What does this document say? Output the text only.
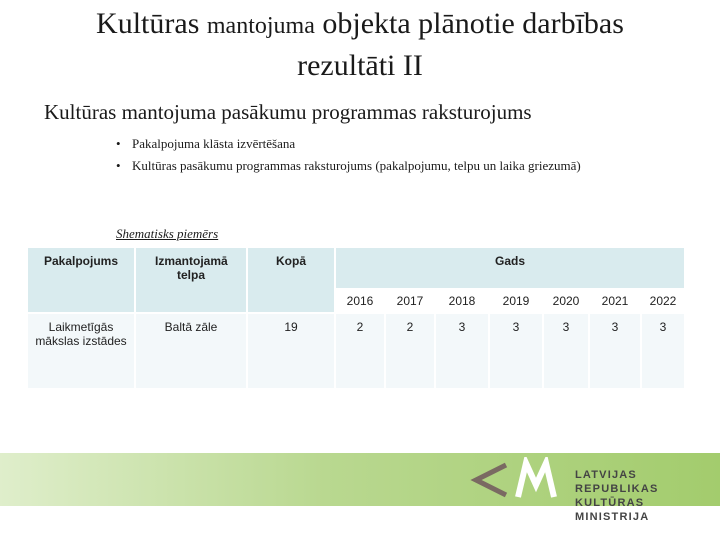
Kultūras mantojuma objekta plānotie darbības
rezultāti II
Kultūras mantojuma pasākumu programmas raksturojums
• Pakalpojuma klāsta izvērtēšana
• Kultūras pasākumu programmas raksturojums (pakalpojumu, telpu un laika griezumā)
Shematisks piemērs
Pakalpojums	Izmantojamā telpa	Kopā	Gads						
			2016	2017	2018	2019	2020	2021	2022

Laikmetīgās mākslas izstādes	Baltā zāle	19	2	2	3	3	3	3	3
LATVIJAS REPUBLIKAS
KULTŪRAS MINISTRIJA
